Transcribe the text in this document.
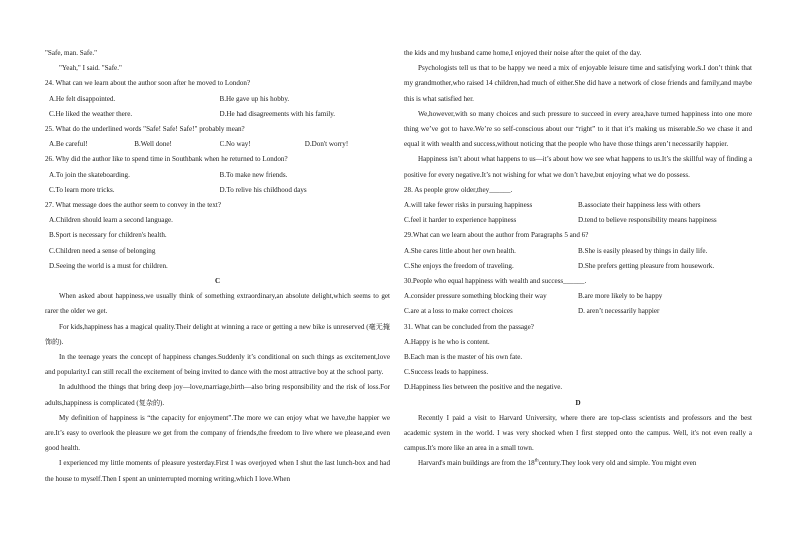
"Safe, man. Safe."
"Yeah," I said. "Safe."
24. What can we learn about the author soon after he moved to London?
A.He felt disappointed.	B.He gave up his hobby.
C.He liked the weather there.	D.He had disagreements with his family.
25. What do the underlined words "Safe! Safe! Safe!" probably mean?
A.Be careful!	B.Well done!	C.No way!	D.Don't worry!
26. Why did the author like to spend time in Southbank when he returned to London?
A.To join the skateboarding.	B.To make new friends.
C.To learn more tricks.	D.To relive his childhood days
27. What message does the author seem to convey in the text?
A.Children should learn a second language.
B.Sport is necessary for children's health.
C.Children need a sense of belonging
D.Seeing the world is a must for children.
C
When asked about happiness,we usually think of something extraordinary,an absolute delight,which seems to get rarer the older we get.
For kids,happiness has a magical quality.Their delight at winning a race or getting a new bike is unreserved (毫无掩饰的).
In the teenage years the concept of happiness changes.Suddenly it’s conditional on such things as excitement,love and popularity.I can still recall the excitement of being invited to dance with the most attractive boy at the school party.
In adulthood the things that bring deep joy—love,marriage,birth—also bring responsibility and the risk of loss.For adults,happiness is complicated (复杂的).
My definition of happiness is “the capacity for enjoyment”.The more we can enjoy what we have,the happier we are.It’s easy to overlook the pleasure we get from the company of friends,the freedom to live where we please,and even good health.
I experienced my little moments of pleasure yesterday.First I was overjoyed when I shut the last lunch-box and had the house to myself.Then I spent an uninterrupted morning writing,which I love.When
the kids and my husband came home,I enjoyed their noise after the quiet of the day.
Psychologists tell us that to be happy we need a mix of enjoyable leisure time and satisfying work.I don’t think that my grandmother,who raised 14 children,had much of either.She did have a network of close friends and family,and maybe this is what satisfied her.
We,however,with so many choices and such pressure to succeed in every area,have turned happiness into one more thing we’ve got to have.We’re so self-conscious about our “right” to it that it’s making us miserable.So we chase it and equal it with wealth and success,without noticing that the people who have those things aren’t necessarily happier.
Happiness isn’t about what happens to us—it’s about how we see what happens to us.It’s the skillful way of finding a positive for every negative.It’s not wishing for what we don’t have,but enjoying what we do possess.
28. As people grow older,they______.
A.will take fewer risks in pursuing happiness	B.associate their happiness less with others
C.feel it harder to experience happiness	D.tend to believe responsibility means happiness
29.What can we learn about the author from Paragraphs 5 and 6?
A.She cares little about her own health.	B.She is easily pleased by things in daily life.
C.She enjoys the freedom of traveling.	D.She prefers getting pleasure from housework.
30.People who equal happiness with wealth and success______.
A.consider pressure something blocking their way	B.are more likely to be happy
C.are at a loss to make correct choices	D. aren’t necessarily happier
31. What can be concluded from the passage?
A.Happy is he who is content.
B.Each man is the master of his own fate.
C.Success leads to happiness.
D.Happiness lies between the positive and the negative.
D
Recently I paid a visit to Harvard University, where there are top-class scientists and professors and the best academic system in the world. I was very shocked when I first stepped onto the campus. Well, it's not even really a campus.It's more like an area in a small town.
Harvard's main buildings are from the 18thcentury.They look very old and simple. You might even
